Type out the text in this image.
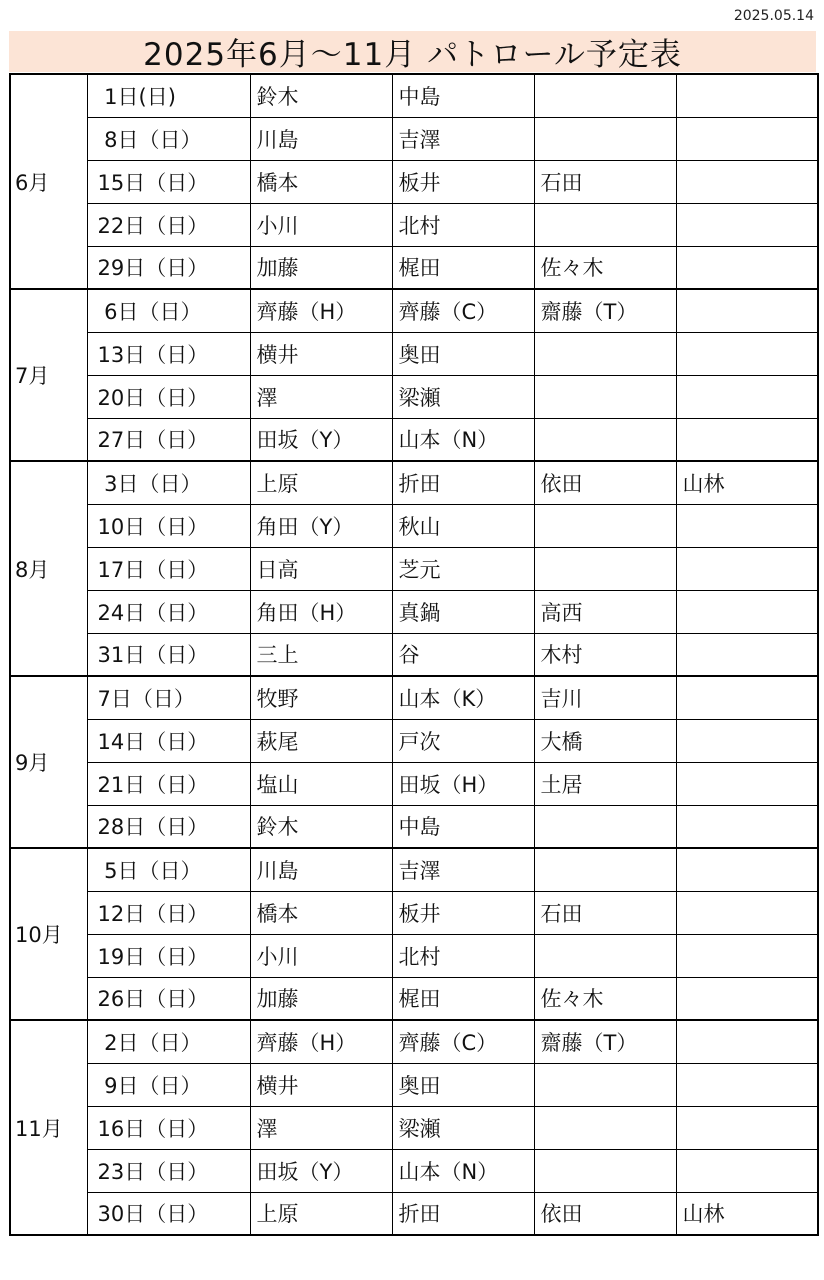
2025.05.14
2025年6月～11月 パトロール予定表
6月	1日(日)	鈴木	中島		
	8日（日）	川島	吉澤		
	15日（日）	橋本	板井	石田	
	22日（日）	小川	北村		
	29日（日）	加藤	梶田	佐々木	
7月	6日（日）	齊藤（H）	齊藤（C）	齋藤（T）	
	13日（日）	横井	奥田		
	20日（日）	澤	梁瀬		
	27日（日）	田坂（Y）	山本（N）		
8月	3日（日）	上原	折田	依田	山林
	10日（日）	角田（Y）	秋山		
	17日（日）	日高	芝元		
	24日（日）	角田（H）	真鍋	高西	
	31日（日）	三上	谷	木村	
9月	7日（日）	牧野	山本（K）	吉川	
	14日（日）	萩尾	戸次	大橋	
	21日（日）	塩山	田坂（H）	土居	
	28日（日）	鈴木	中島		
10月	5日（日）	川島	吉澤		
	12日（日）	橋本	板井	石田	
	19日（日）	小川	北村		
	26日（日）	加藤	梶田	佐々木	
11月	2日（日）	齊藤（H）	齊藤（C）	齋藤（T）	
	9日（日）	横井	奥田		
	16日（日）	澤	梁瀬		
	23日（日）	田坂（Y）	山本（N）		
	30日（日）	上原	折田	依田	山林
